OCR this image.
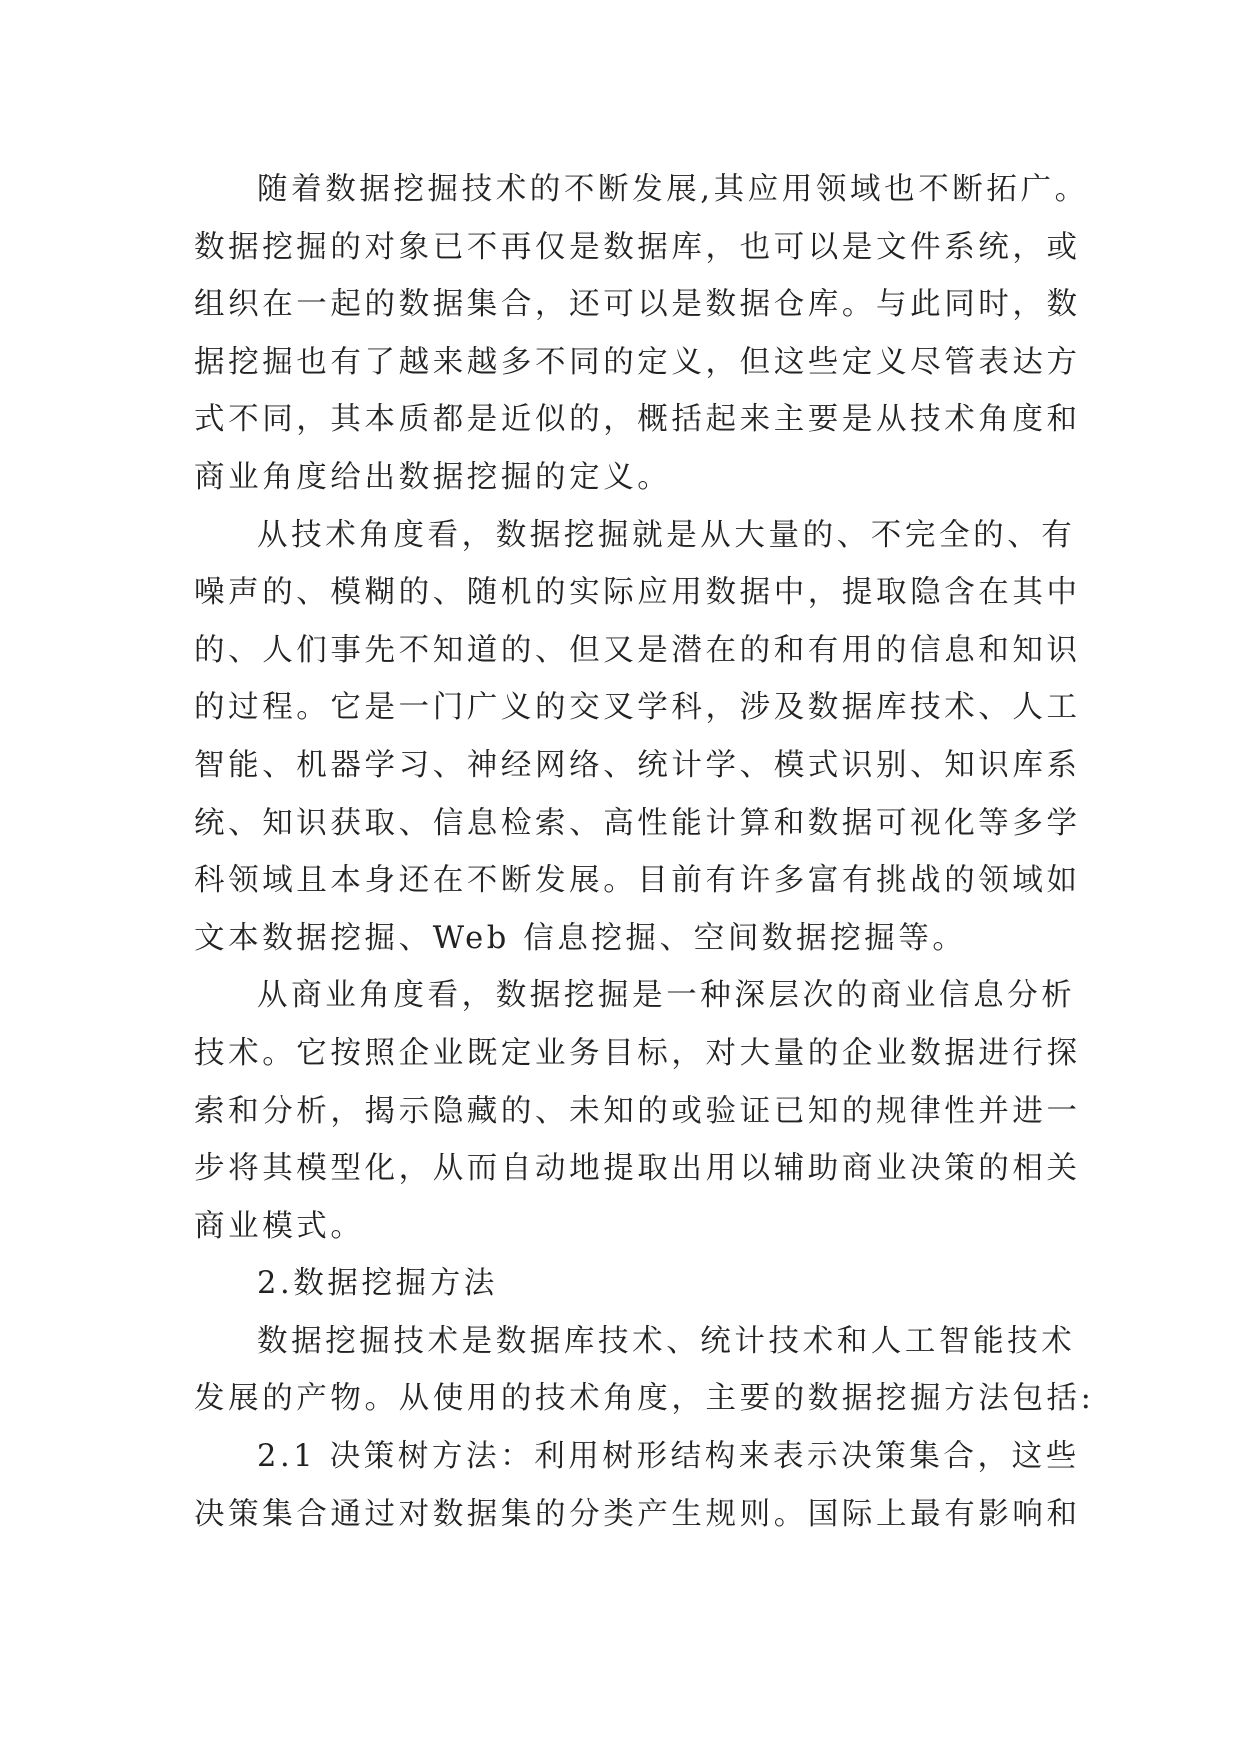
随着数据挖掘技术的不断发展,其应用领域也不断拓广。
数据挖掘的对象已不再仅是数据库，也可以是文件系统，或
组织在一起的数据集合，还可以是数据仓库。与此同时，数
据挖掘也有了越来越多不同的定义，但这些定义尽管表达方
式不同，其本质都是近似的，概括起来主要是从技术角度和
商业角度给出数据挖掘的定义。
从技术角度看，数据挖掘就是从大量的、不完全的、有
噪声的、模糊的、随机的实际应用数据中，提取隐含在其中
的、人们事先不知道的、但又是潜在的和有用的信息和知识
的过程。它是一门广义的交叉学科，涉及数据库技术、人工
智能、机器学习、神经网络、统计学、模式识别、知识库系
统、知识获取、信息检索、高性能计算和数据可视化等多学
科领域且本身还在不断发展。目前有许多富有挑战的领域如
文本数据挖掘、Web 信息挖掘、空间数据挖掘等。
从商业角度看，数据挖掘是一种深层次的商业信息分析
技术。它按照企业既定业务目标，对大量的企业数据进行探
索和分析，揭示隐藏的、未知的或验证已知的规律性并进一
步将其模型化，从而自动地提取出用以辅助商业决策的相关
商业模式。
2.数据挖掘方法
数据挖掘技术是数据库技术、统计技术和人工智能技术
发展的产物。从使用的技术角度，主要的数据挖掘方法包括:
2.1 决策树方法：利用树形结构来表示决策集合，这些
决策集合通过对数据集的分类产生规则。国际上最有影响和
